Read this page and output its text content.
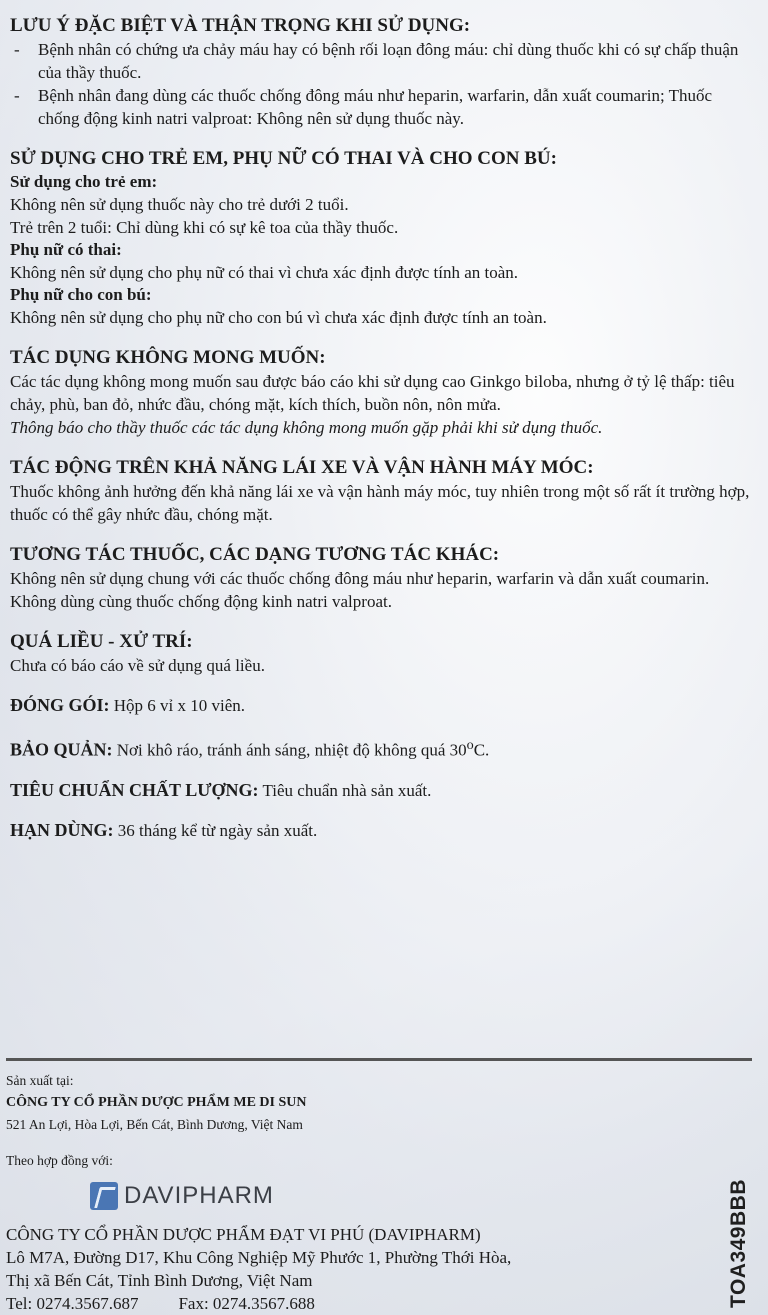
LƯU Ý ĐẶC BIỆT VÀ THẬN TRỌNG KHI SỬ DỤNG:

- Bệnh nhân có chứng ưa chảy máu hay có bệnh rối loạn đông máu: chỉ dùng thuốc khi có sự chấp thuận của thầy thuốc.

- Bệnh nhân đang dùng các thuốc chống đông máu như heparin, warfarin, dẫn xuất coumarin; Thuốc chống động kinh natri valproat: Không nên sử dụng thuốc này.

SỬ DỤNG CHO TRẺ EM, PHỤ NỮ CÓ THAI VÀ CHO CON BÚ:
Sử dụng cho trẻ em:

Không nên sử dụng thuốc này cho trẻ dưới 2 tuổi.

Trẻ trên 2 tuổi: Chỉ dùng khi có sự kê toa của thầy thuốc.

Phụ nữ có thai:

Không nên sử dụng cho phụ nữ có thai vì chưa xác định được tính an toàn.

Phụ nữ cho con bú:

Không nên sử dụng cho phụ nữ cho con bú vì chưa xác định được tính an toàn.

TÁC DỤNG KHÔNG MONG MUỐN:

Các tác dụng không mong muốn sau được báo cáo khi sử dụng cao Ginkgo biloba, nhưng ở tỷ lệ thấp: tiêu chảy, phù, ban đỏ, nhức đầu, chóng mặt, kích thích, buồn nôn, nôn mửa.

Thông báo cho thầy thuốc các tác dụng không mong muốn gặp phải khi sử dụng thuốc.

TÁC ĐỘNG TRÊN KHẢ NĂNG LÁI XE VÀ VẬN HÀNH MÁY MÓC:

Thuốc không ảnh hưởng đến khả năng lái xe và vận hành máy móc, tuy nhiên trong một số rất ít trường hợp, thuốc có thể gây nhức đầu, chóng mặt.

TƯƠNG TÁC THUỐC, CÁC DẠNG TƯƠNG TÁC KHÁC:

Không nên sử dụng chung với các thuốc chống đông máu như heparin, warfarin và dẫn xuất coumarin.

Không dùng cùng thuốc chống động kinh natri valproat.

QUÁ LIỀU - XỬ TRÍ:

Chưa có báo cáo về sử dụng quá liều.

ĐÓNG GÓI: Hộp 6 vỉ x 10 viên.

BẢO QUẢN: Nơi khô ráo, tránh ánh sáng, nhiệt độ không quá 30$^o$C.

TIÊU CHUẨN CHẤT LƯỢNG: Tiêu chuẩn nhà sản xuất.

HẠN DÙNG: 36 tháng kể từ ngày sản xuất.

Sản xuất tại:

CÔNG TY CỔ PHẦN DƯỢC PHẨM ME DI SUN

521 An Lợi, Hòa Lợi, Bến Cát, Bình Dương, Việt Nam

Theo hợp đồng với:

DAVIPHARM

CÔNG TY CỔ PHẦN DƯỢC PHẨM ĐẠT VI PHÚ (DAVIPHARM)

Lô M7A, Đường D17, Khu Công Nghiệp Mỹ Phước 1, Phường Thới Hòa,

Thị xã Bến Cát, Tỉnh Bình Dương, Việt Nam

Tel: 0274.3567.687 Fax: 0274.3567.688	TOA349BBB
